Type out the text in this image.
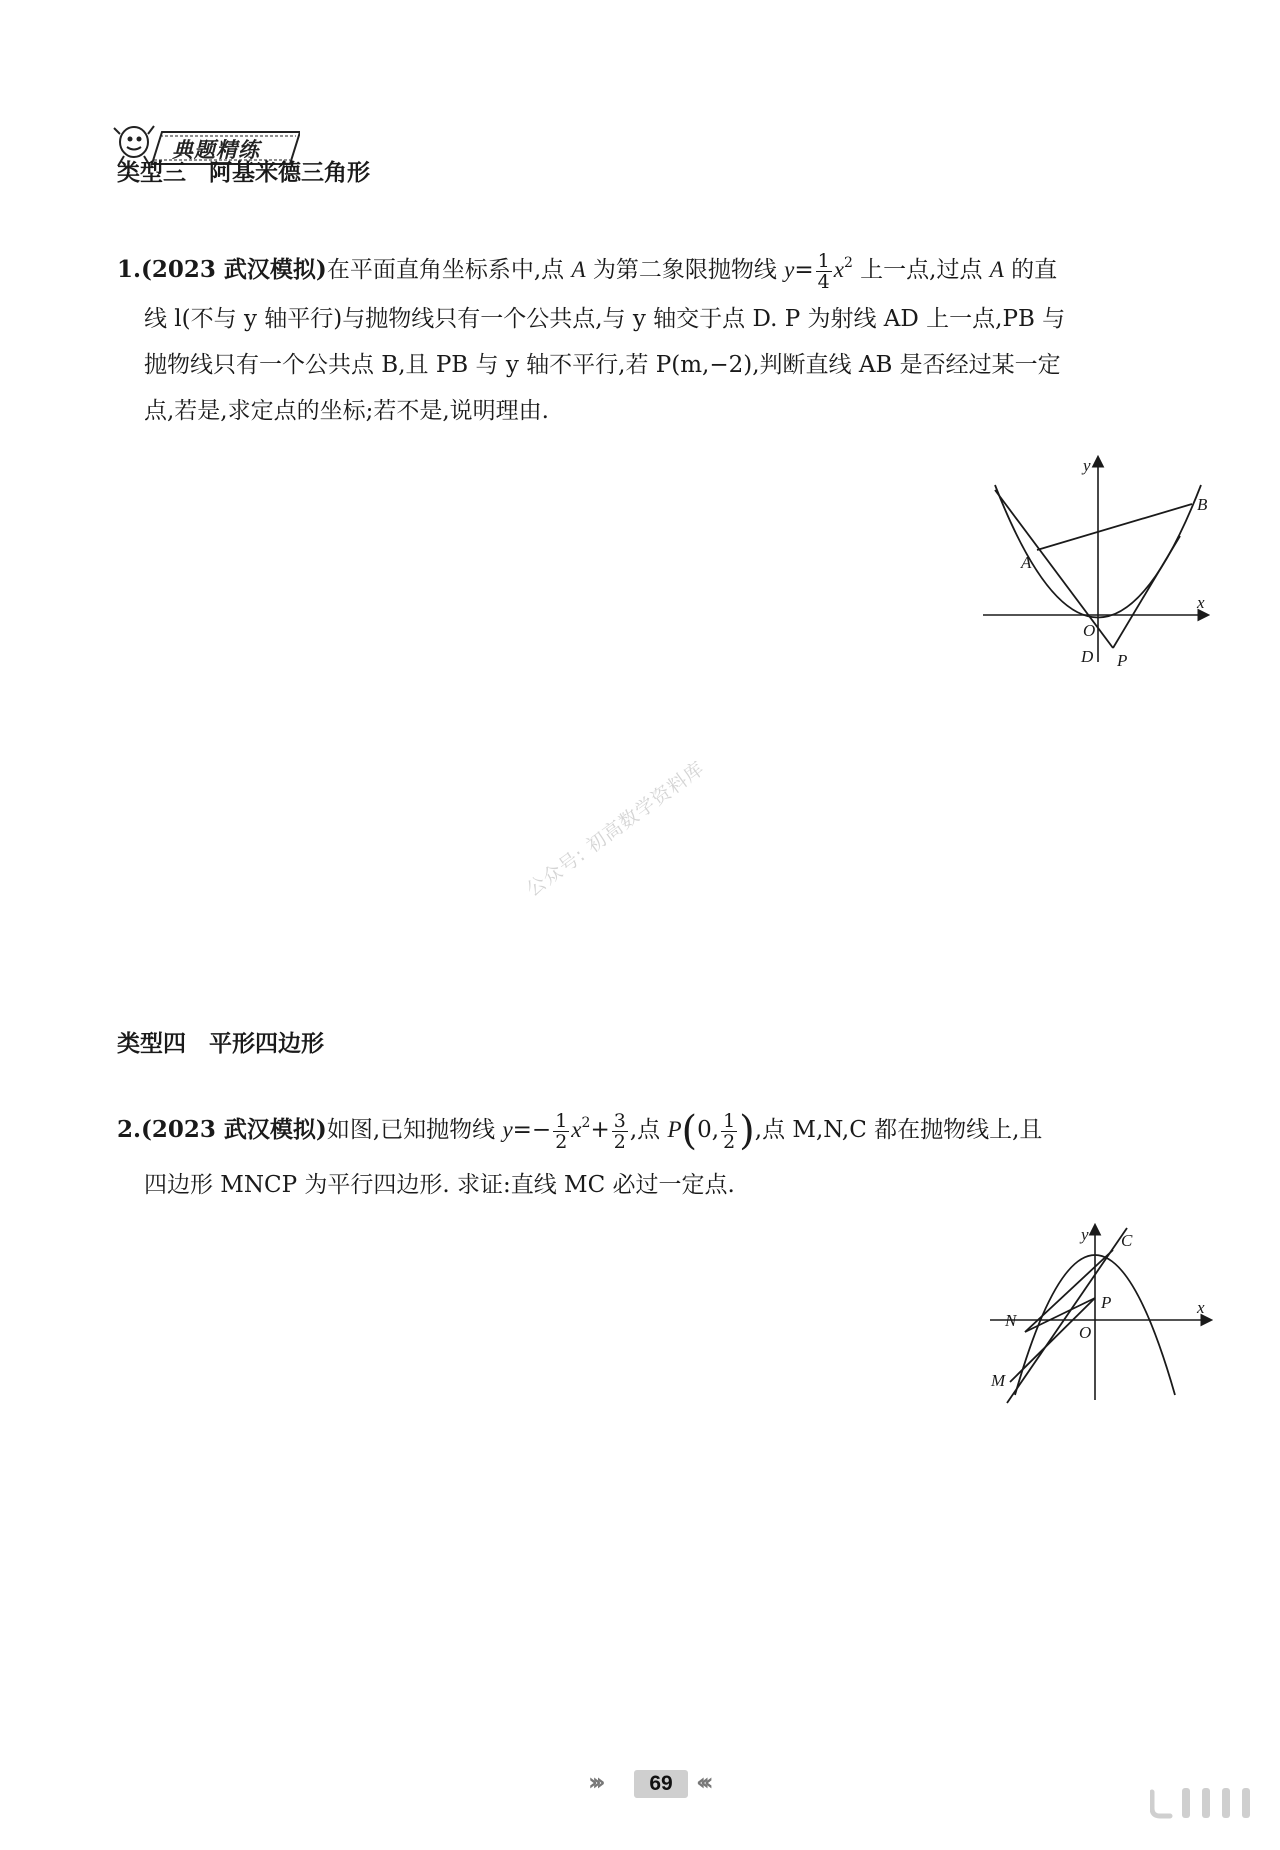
典题精练
类型三　阿基米德三角形
1.(2023 武汉模拟)在平面直角坐标系中,点 A 为第二象限抛物线 $y= \frac{1}{4} x^2$ 上一点,过点 A 的直
线 l(不与 y 轴平行)与抛物线只有一个公共点,与 y 轴交于点 D. P 为射线 AD 上一点,PB 与
抛物线只有一个公共点 B,且 PB 与 y 轴不平行,若 P(m,−2),判断直线 AB 是否经过某一定
点,若是,求定点的坐标;若不是,说明理由.
y
x
O
A
B
D P
公众号: 初高数学资料库
类型四　平形四边形
2.(2023 武汉模拟)如图,已知抛物线 $y=- \frac{1}{2} x^2+ \frac{3}{2}$ ,点 P(0, $\frac{1}{2}$ ),点 M,N,C 都在抛物线上,且
四边形 MNCP 为平行四边形. 求证:直线 MC 必过一定点.
y
x
O
C
N
P
M
›››	69 ‹‹‹
